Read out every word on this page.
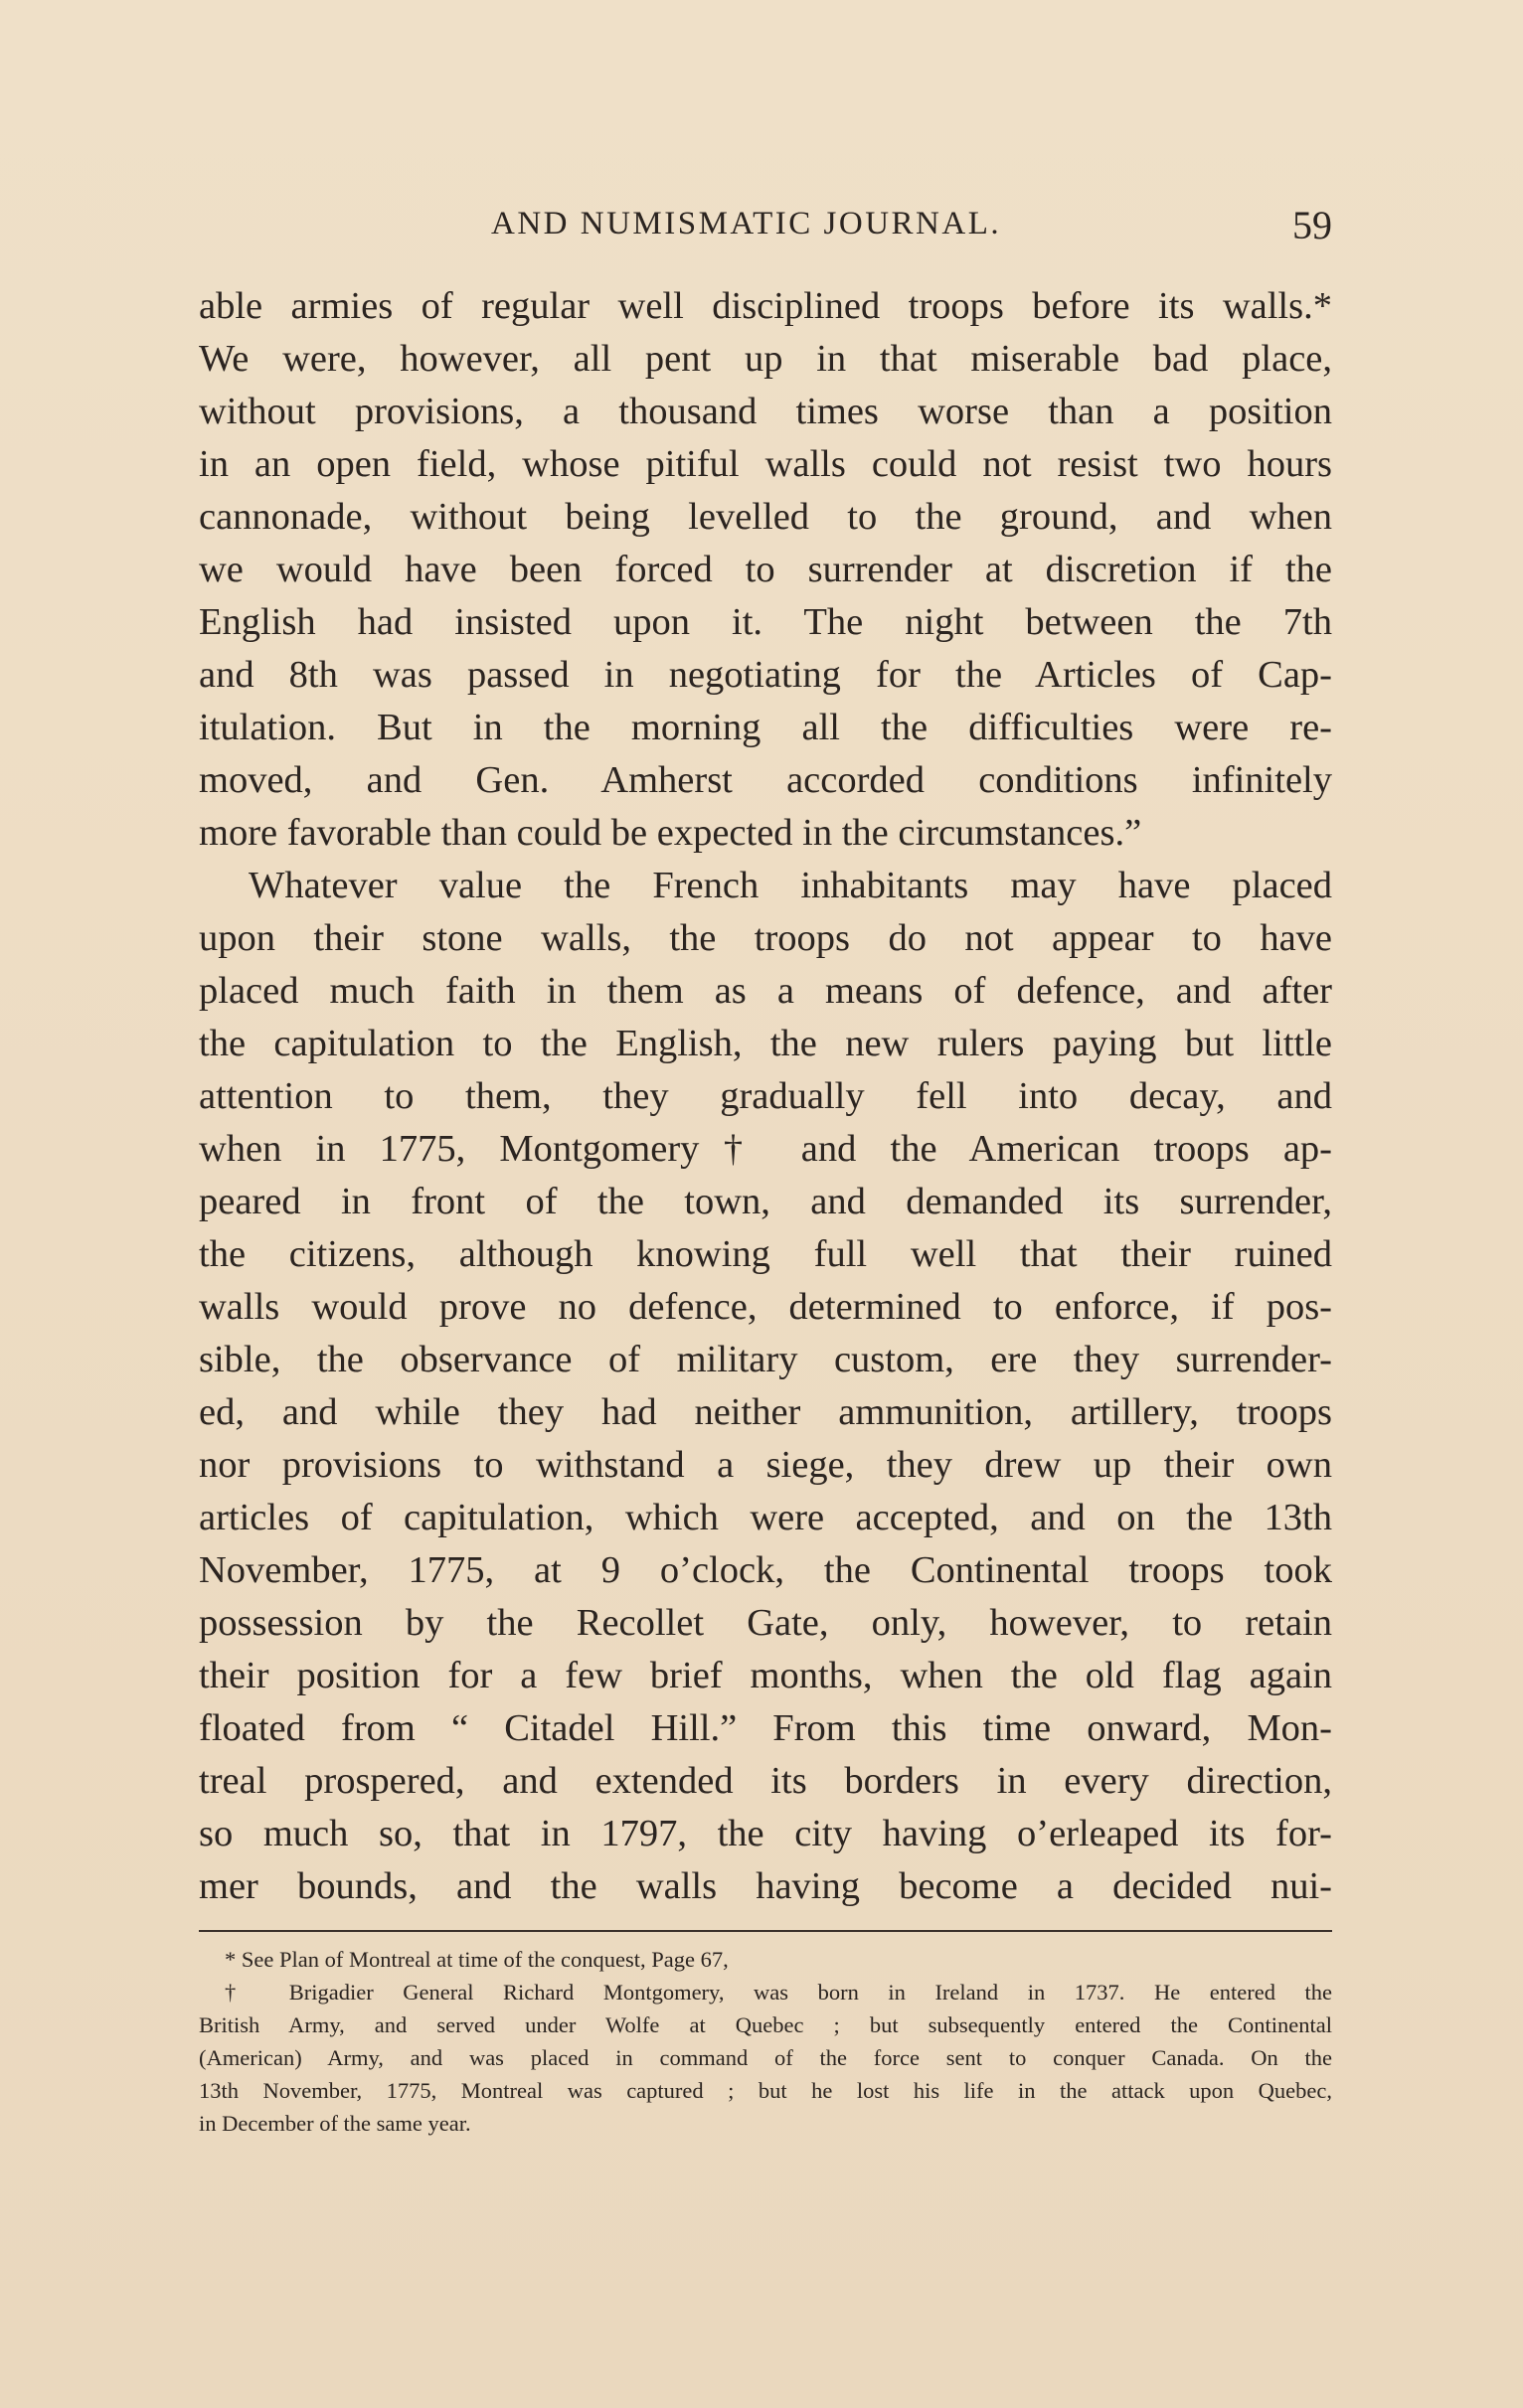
AND NUMISMATIC JOURNAL.	59
able armies of regular well disciplined troops before its walls.*
We were, however, all pent up in that miserable bad place,
without provisions, a thousand times worse than a position
in an open field, whose pitiful walls could not resist two hours
cannonade, without being levelled to the ground, and when
we would have been forced to surrender at discretion if the
English had insisted upon it. The night between the 7th
and 8th was passed in negotiating for the Articles of Cap-
itulation. But in the morning all the difficulties were re-
moved, and Gen. Amherst accorded conditions infinitely
more favorable than could be expected in the circumstances.”
Whatever value the French inhabitants may have placed
upon their stone walls, the troops do not appear to have
placed much faith in them as a means of defence, and after
the capitulation to the English, the new rulers paying but little
attention to them, they gradually fell into decay, and
when in 1775, Montgomery† and the American troops ap-
peared in front of the town, and demanded its surrender,
the citizens, although knowing full well that their ruined
walls would prove no defence, determined to enforce, if pos-
sible, the observance of military custom, ere they surrender-
ed, and while they had neither ammunition, artillery, troops
nor provisions to withstand a siege, they drew up their own
articles of capitulation, which were accepted, and on the 13th
November, 1775, at 9 o’clock, the Continental troops took
possession by the Recollet Gate, only, however, to retain
their position for a few brief months, when the old flag again
floated from “ Citadel Hill.” From this time onward, Mon-
treal prospered, and extended its borders in every direction,
so much so, that in 1797, the city having o’erleaped its for-
mer bounds, and the walls having become a decided nui-
* See Plan of Montreal at time of the conquest, Page 67,
† Brigadier General Richard Montgomery, was born in Ireland in 1737. He entered the
British Army, and served under Wolfe at Quebec ; but subsequently entered the Continental
(American) Army, and was placed in command of the force sent to conquer Canada. On the
13th November, 1775, Montreal was captured ; but he lost his life in the attack upon Quebec,
in December of the same year.
